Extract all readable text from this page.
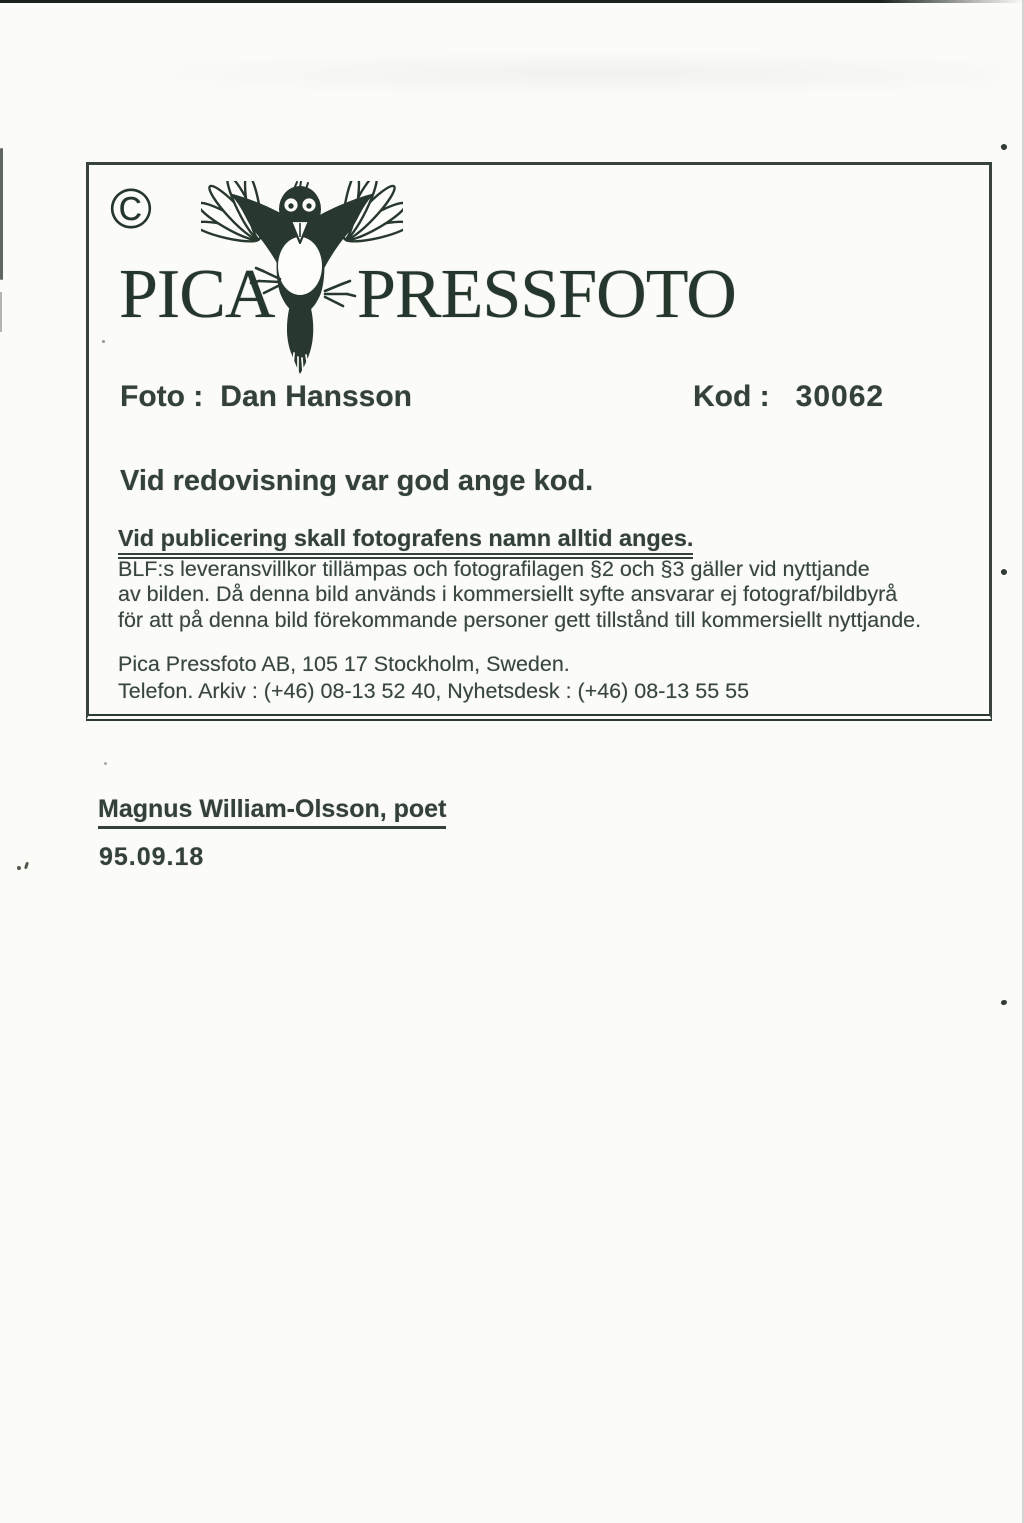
©
PICA PRESSFOTO
Foto : Dan Hansson	Kod : 30062
Vid redovisning var god ange kod.
Vid publicering skall fotografens namn alltid anges.
BLF:s leveransvillkor tillämpas och fotografilagen §2 och §3 gäller vid nyttjande
av bilden. Då denna bild används i kommersiellt syfte ansvarar ej fotograf/bildbyrå
för att på denna bild förekommande personer gett tillstånd till kommersiellt nyttjande.
Pica Pressfoto AB, 105 17 Stockholm, Sweden.
Telefon. Arkiv : (+46) 08-13 52 40, Nyhetsdesk : (+46) 08-13 55 55
Magnus William-Olsson, poet
95.09.18
